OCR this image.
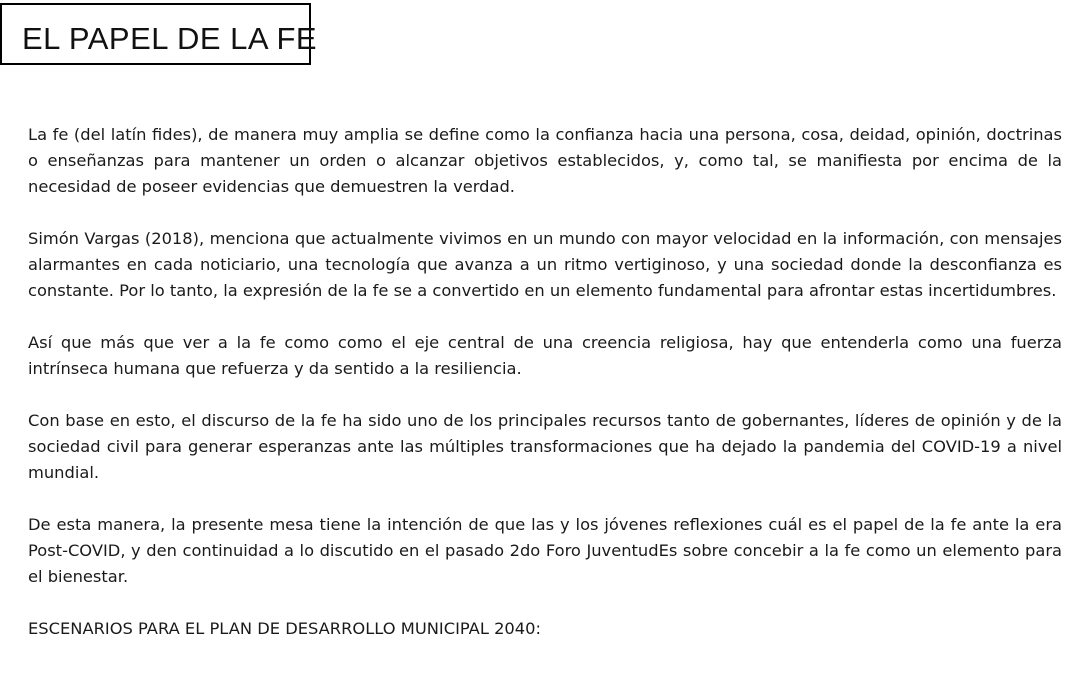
EL PAPEL DE LA FE

La fe (del latín fides), de manera muy amplia se define como la confianza hacia una persona, cosa, deidad, opinión, doctrinas o enseñanzas para mantener un orden o alcanzar objetivos establecidos, y, como tal, se manifiesta por encima de la necesidad de poseer evidencias que demuestren la verdad.

Simón Vargas (2018), menciona que actualmente vivimos en un mundo con mayor velocidad en la información, con mensajes alarmantes en cada noticiario, una tecnología que avanza a un ritmo vertiginoso, y una sociedad donde la desconfianza es constante. Por lo tanto, la expresión de la fe se a convertido en un elemento fundamental para afrontar estas incertidumbres.

Así que más que ver a la fe como como el eje central de una creencia religiosa, hay que entenderla como una fuerza intrínseca humana que refuerza y da sentido a la resiliencia.

Con base en esto, el discurso de la fe ha sido uno de los principales recursos tanto de gobernantes, líderes de opinión y de la sociedad civil para generar esperanzas ante las múltiples transformaciones que ha dejado la pandemia del COVID-19 a nivel mundial.

De esta manera, la presente mesa tiene la intención de que las y los jóvenes reflexiones cuál es el papel de la fe ante la era Post-COVID, y den continuidad a lo discutido en el pasado 2do Foro JuventudEs sobre concebir a la fe como un elemento para el bienestar.

ESCENARIOS PARA EL PLAN DE DESARROLLO MUNICIPAL 2040:
